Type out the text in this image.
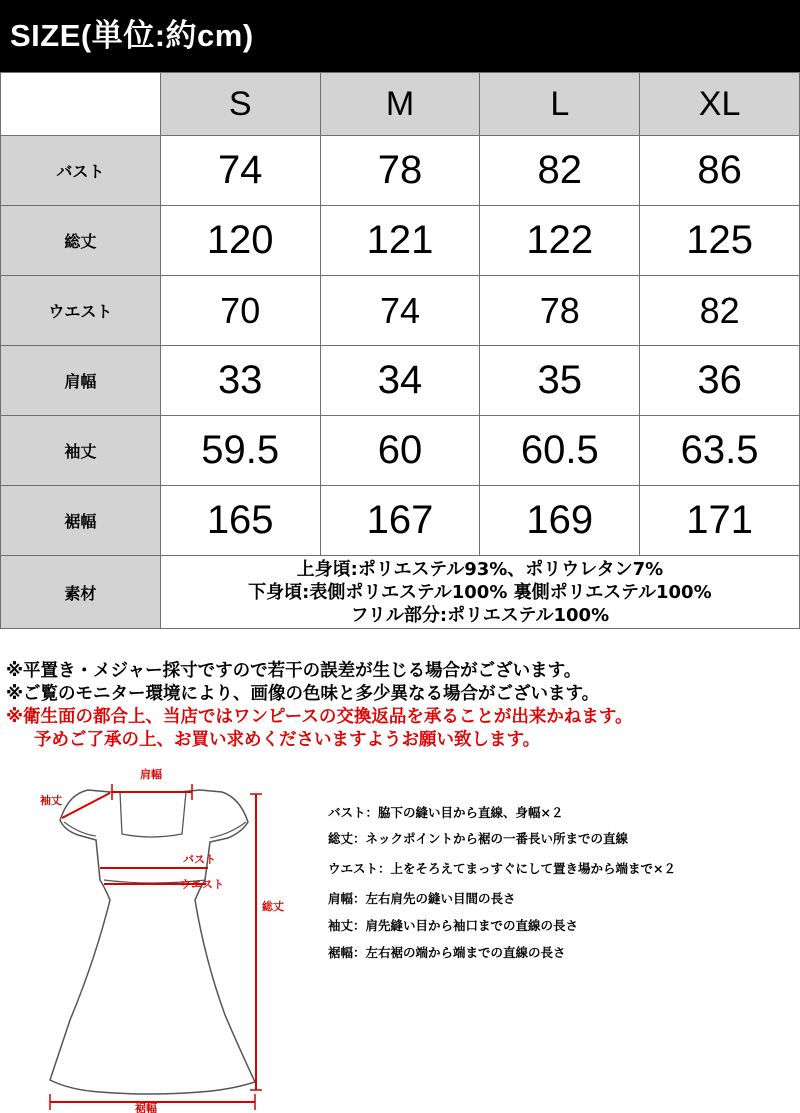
SIZE(単位:約cm)
	S	M	L	XL
バスト	74	78	82	86
総丈	120	121	122	125
ウエスト	70	74	78	82
肩幅	33	34	35	36
袖丈	59.5	60	60.5	63.5
裾幅	165	167	169	171
素材	上身頃:ポリエステル93%、ポリウレタン7%
下身頃:表側ポリエステル100% 裏側ポリエステル100%
フリル部分:ポリエステル100%			
※平置き・メジャー採寸ですので若干の誤差が生じる場合がございます。
※ご覧のモニター環境により、画像の色味と多少異なる場合がございます。
※衛生面の都合上、当店ではワンピースの交換返品を承ることが出来かねます。
予めご了承の上、お買い求めくださいますようお願い致します。
肩幅
袖丈
バスト
ウエスト
総丈
裾幅
バスト：脇下の縫い目から直線、身幅×２
総丈：ネックポイントから裾の一番長い所までの直線
ウエスト：上をそろえてまっすぐにして置き場から端まで×２
肩幅：左右肩先の縫い目間の長さ
袖丈：肩先縫い目から袖口までの直線の長さ
裾幅：左右裾の端から端までの直線の長さ
